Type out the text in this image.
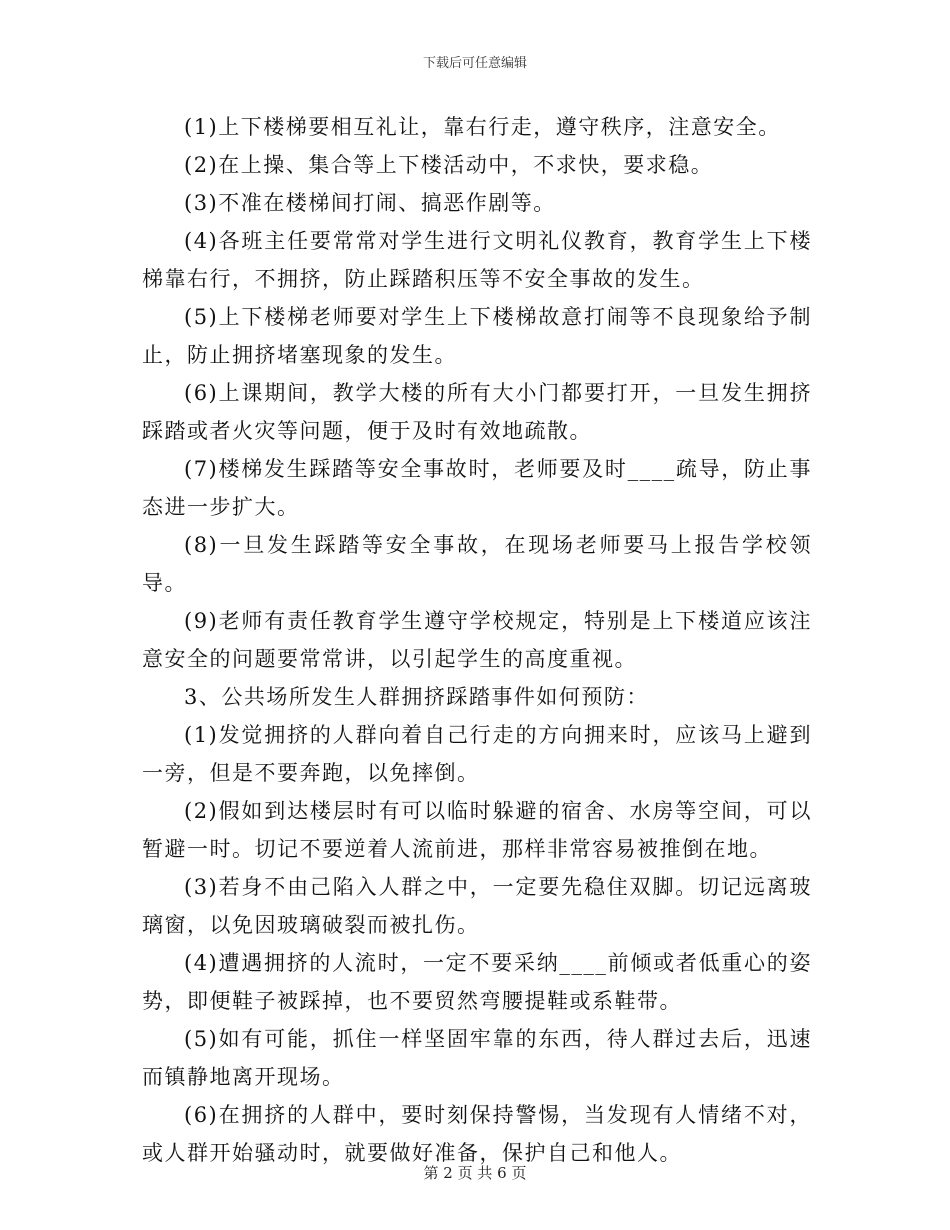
下载后可任意编辑

(1)上下楼梯要相互礼让，靠右行走，遵守秩序，注意安全。

(2)在上操、集合等上下楼活动中，不求快，要求稳。

(3)不准在楼梯间打闹、搞恶作剧等。

(4)各班主任要常常对学生进行文明礼仪教育，教育学生上下楼梯靠右行，不拥挤，防止踩踏积压等不安全事故的发生。

(5)上下楼梯老师要对学生上下楼梯故意打闹等不良现象给予制止，防止拥挤堵塞现象的发生。

(6)上课期间，教学大楼的所有大小门都要打开，一旦发生拥挤踩踏或者火灾等问题，便于及时有效地疏散。

(7)楼梯发生踩踏等安全事故时，老师要及时____疏导，防止事态进一步扩大。

(8)一旦发生踩踏等安全事故，在现场老师要马上报告学校领导。

(9)老师有责任教育学生遵守学校规定，特别是上下楼道应该注意安全的问题要常常讲，以引起学生的高度重视。

3、公共场所发生人群拥挤踩踏事件如何预防：

(1)发觉拥挤的人群向着自己行走的方向拥来时，应该马上避到一旁，但是不要奔跑，以免摔倒。

(2)假如到达楼层时有可以临时躲避的宿舍、水房等空间，可以暂避一时。切记不要逆着人流前进，那样非常容易被推倒在地。

(3)若身不由己陷入人群之中，一定要先稳住双脚。切记远离玻璃窗，以免因玻璃破裂而被扎伤。

(4)遭遇拥挤的人流时，一定不要采纳____前倾或者低重心的姿势，即便鞋子被踩掉，也不要贸然弯腰提鞋或系鞋带。

(5)如有可能，抓住一样坚固牢靠的东西，待人群过去后，迅速而镇静地离开现场。

(6)在拥挤的人群中，要时刻保持警惕，当发现有人情绪不对，或人群开始骚动时，就要做好准备，保护自己和他人。

第 2 页 共 6 页
